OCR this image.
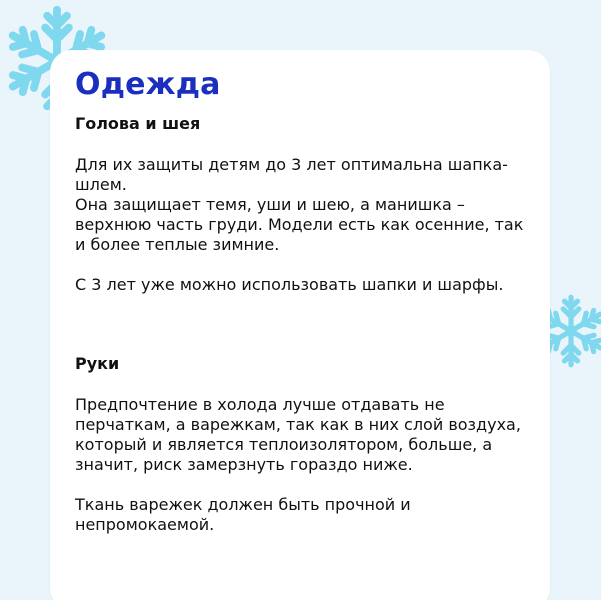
Одежда
Голова и шея

Для их защиты детям до 3 лет оптимальна шапка-
шлем.
Она защищает темя, уши и шею, а манишка –
верхнюю часть груди. Модели есть как осенние, так
и более теплые зимние.

С 3 лет уже можно использовать шапки и шарфы.

Руки

Предпочтение в холода лучше отдавать не
перчаткам, а варежкам, так как в них слой воздуха,
который и является теплоизолятором, больше, а
значит, риск замерзнуть гораздо ниже.

Ткань варежек должен быть прочной и
непромокаемой.
